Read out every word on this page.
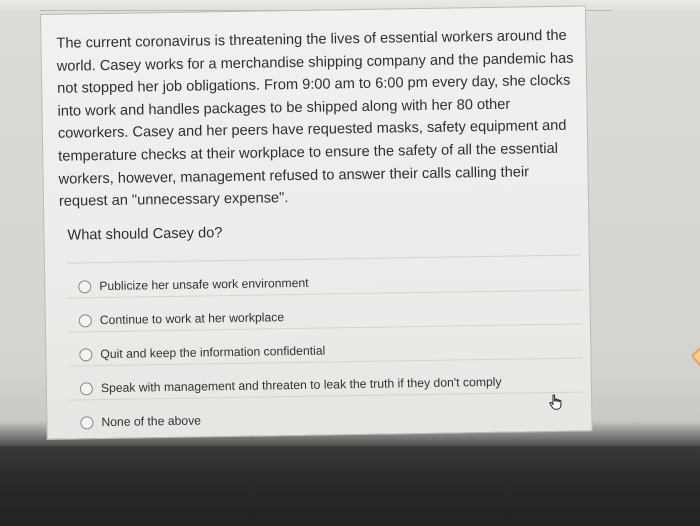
The current coronavirus is threatening the lives of essential workers around the world. Casey works for a merchandise shipping company and the pandemic has not stopped her job obligations. From 9:00 am to 6:00 pm every day, she clocks into work and handles packages to be shipped along with her 80 other coworkers. Casey and her peers have requested masks, safety equipment and temperature checks at their workplace to ensure the safety of all the essential workers, however, management refused to answer their calls calling their request an "unnecessary expense".

What should Casey do?

Publicize her unsafe work environment
Continue to work at her workplace
Quit and keep the information confidential
Speak with management and threaten to leak the truth if they don't comply
None of the above
